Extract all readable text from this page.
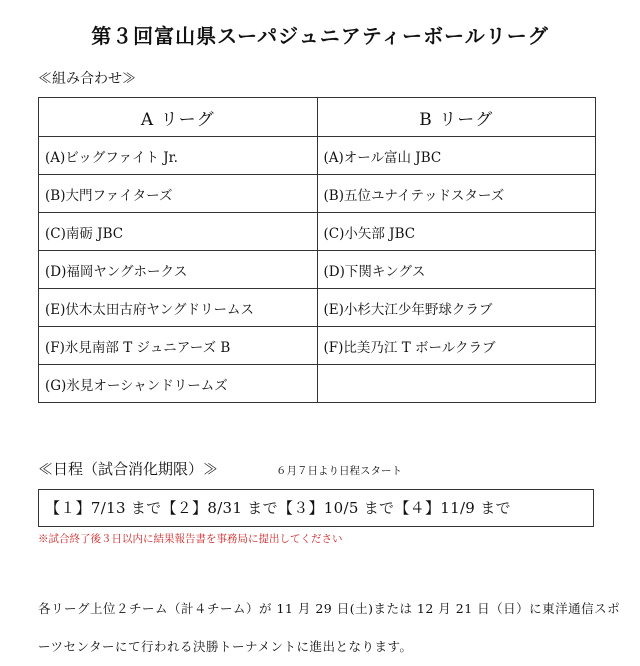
第３回富山県スーパジュニアティーボールリーグ
≪組み合わせ≫
A リーグ	B リーグ
(A)ビッグファイト Jr.	(A)オール富山 JBC
(B)大門ファイターズ	(B)五位ユナイテッドスターズ
(C)南砺 JBC	(C)小矢部 JBC
(D)福岡ヤングホークス	(D)下関キングス
(E)伏木太田古府ヤングドリームス	(E)小杉大江少年野球クラブ
(F)氷見南部 T ジュニアーズ B	(F)比美乃江 T ボールクラブ
(G)氷見オーシャンドリームズ	
≪日程（試合消化期限）≫	６月７日より日程スタート
【１】7/13 まで【２】8/31 まで【３】10/5 まで【４】11/9 まで
※試合終了後３日以内に結果報告書を事務局に提出してください
各リーグ上位２チーム（計４チーム）が 11 月 29 日(土)または 12 月 21 日（日）に東洋通信スポ
ーツセンターにて行われる決勝トーナメントに進出となります。
